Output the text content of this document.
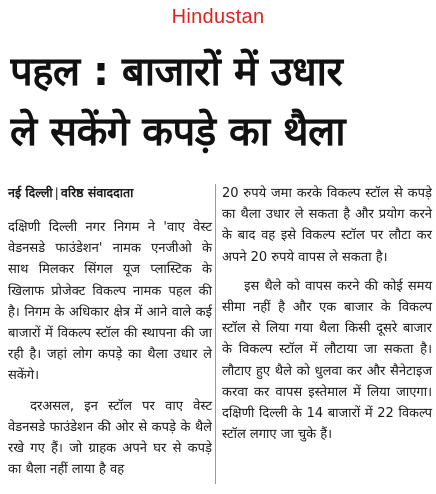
Hindustan
पहल : बाजारों में उधार
ले सकेंगे कपड़े का थैला
नई दिल्ली | वरिष्ठ संवाददाता

दक्षिणी दिल्ली नगर निगम ने 'वाए वेस्ट वेडनसडे फाउंडेशन' नामक एनजीओ के साथ मिलकर सिंगल यूज प्लास्टिक के खिलाफ प्रोजेक्ट विकल्प नामक पहल की है। निगम के अधिकार क्षेत्र में आने वाले कई बाजारों में विकल्प स्टॉल की स्थापना की जा रही है। जहां लोग कपड़े का थैला उधार ले सकेंगे।

दरअसल, इन स्टॉल पर वाए वेस्ट वेडनसडे फाउंडेशन की ओर से कपड़े के थैले रखे गए हैं। जो ग्राहक अपने घर से कपड़े का थैला नहीं लाया है वह

20 रुपये जमा करके विकल्प स्टॉल से कपड़े का थैला उधार ले सकता है और प्रयोग करने के बाद वह इसे विकल्प स्टॉल पर लौटा कर अपने 20 रुपये वापस ले सकता है।

इस थैले को वापस करने की कोई समय सीमा नहीं है और एक बाजार के विकल्प स्टॉल से लिया गया थैला किसी दूसरे बाजार के विकल्प स्टॉल में लौटाया जा सकता है। लौटाए हुए थैले को धुलवा कर और सैनेटाइज करवा कर वापस इस्तेमाल में लिया जाएगा। दक्षिणी दिल्ली के 14 बाजारों में 22 विकल्प स्टॉल लगाए जा चुके हैं।
